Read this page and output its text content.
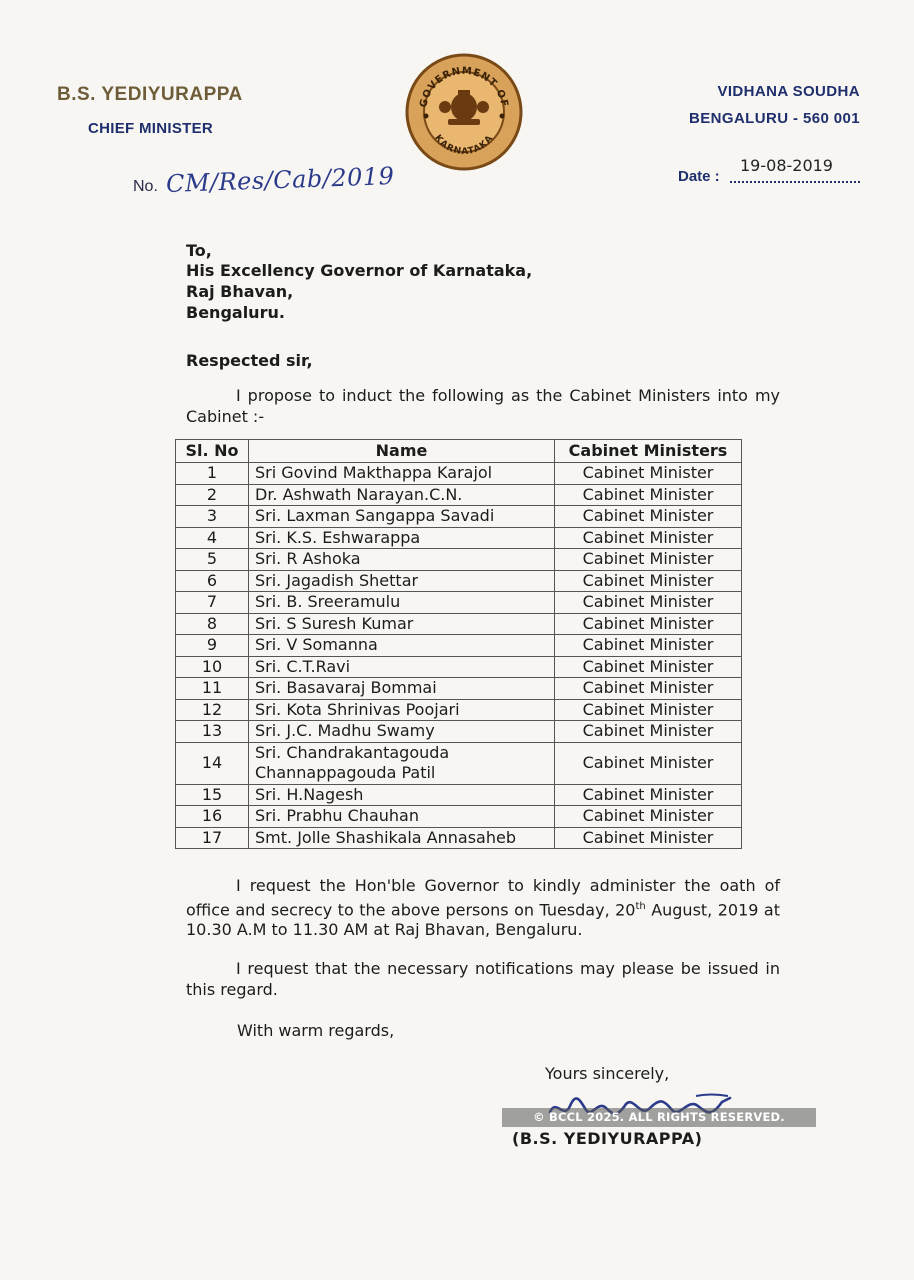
B.S. YEDIYURAPPA
CHIEF MINISTER
VIDHANA SOUDHA
BENGALURU - 560 001
GOVERNMENT OF
KARNATAKA
No. CM/Res/Cab/2019	Date :
19-08-2019
To,
His Excellency Governor of Karnataka,
Raj Bhavan,
Bengaluru.
Respected sir,
I propose to induct the following as the Cabinet Ministers into my Cabinet :-
Sl. No	Name	Cabinet Ministers
1	Sri Govind Makthappa Karajol	Cabinet Minister
2	Dr. Ashwath Narayan.C.N.	Cabinet Minister
3	Sri. Laxman Sangappa Savadi	Cabinet Minister
4	Sri. K.S. Eshwarappa	Cabinet Minister
5	Sri. R Ashoka	Cabinet Minister
6	Sri. Jagadish Shettar	Cabinet Minister
7	Sri. B. Sreeramulu	Cabinet Minister
8	Sri. S Suresh Kumar	Cabinet Minister
9	Sri. V Somanna	Cabinet Minister
10	Sri. C.T.Ravi	Cabinet Minister
11	Sri. Basavaraj Bommai	Cabinet Minister
12	Sri. Kota Shrinivas Poojari	Cabinet Minister
13	Sri. J.C. Madhu Swamy	Cabinet Minister
14	Sri. Chandrakantagouda Channappagouda Patil	Cabinet Minister
15	Sri. H.Nagesh	Cabinet Minister
16	Sri. Prabhu Chauhan	Cabinet Minister
17	Smt. Jolle Shashikala Annasaheb	Cabinet Minister
I request the Hon'ble Governor to kindly administer the oath of office and secrecy to the above persons on Tuesday, 20th August, 2019 at 10.30 A.M to 11.30 AM at Raj Bhavan, Bengaluru.
I request that the necessary notifications may please be issued in this regard.
With warm regards,
Yours sincerely,
© BCCL 2025. ALL RIGHTS RESERVED.
(B.S. YEDIYURAPPA)
